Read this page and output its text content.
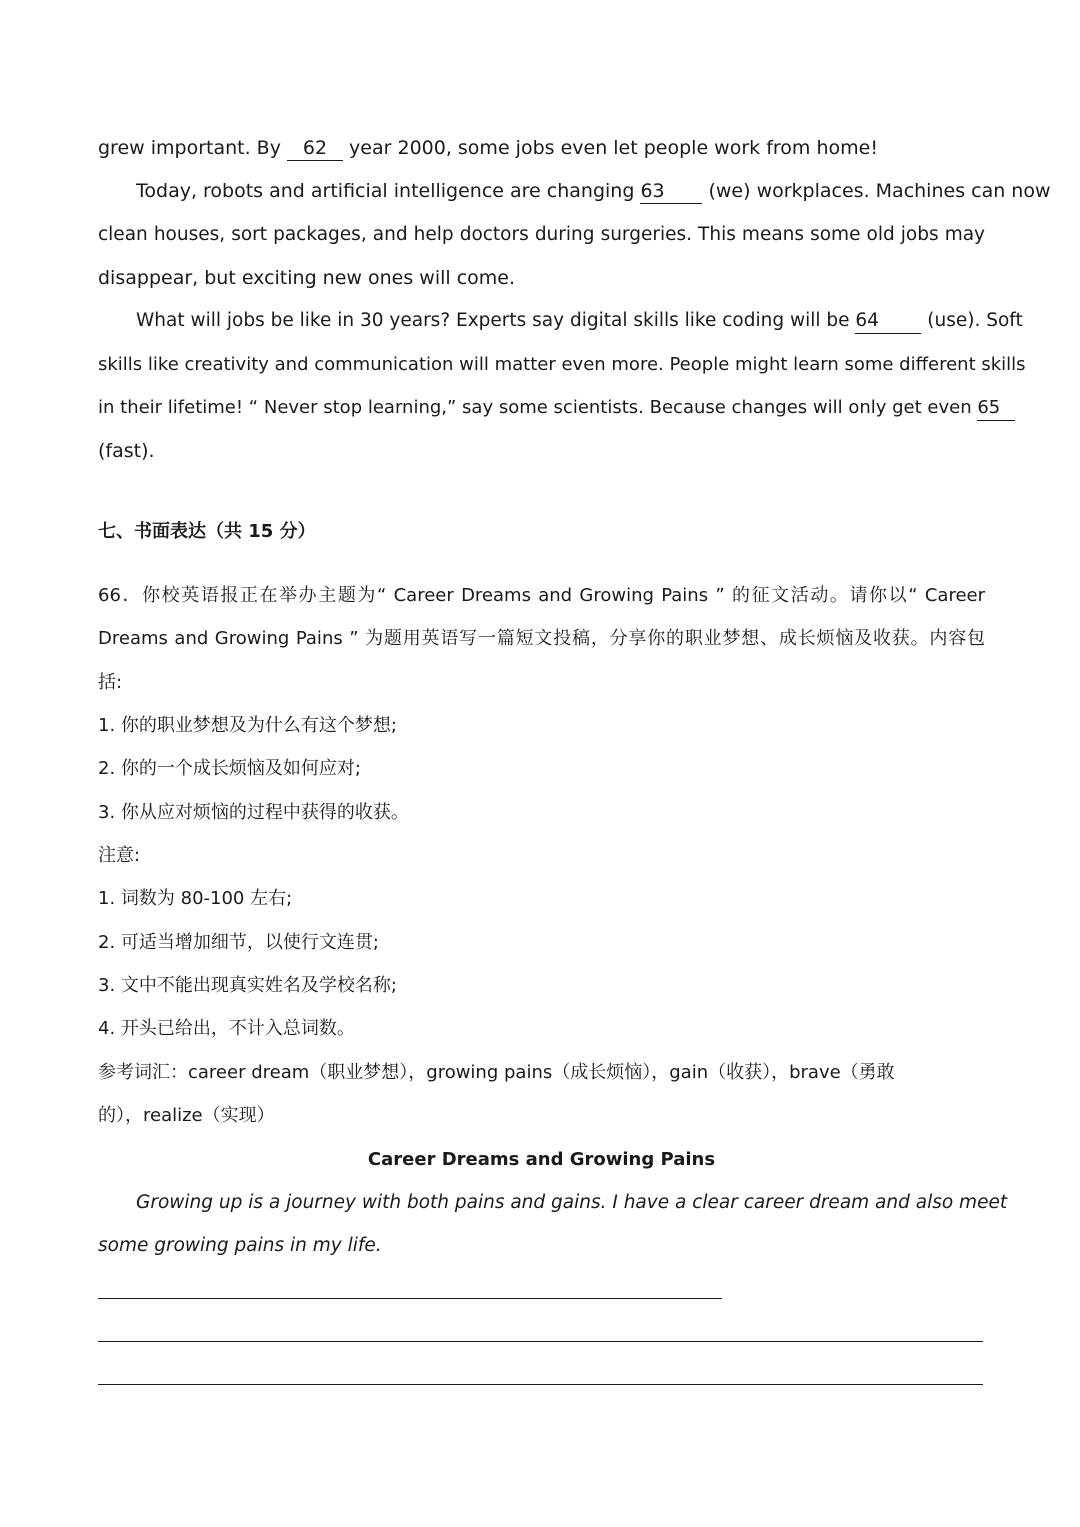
grew important. By 62 year 2000, some jobs even let people work from home!
Today, robots and artificial intelligence are changing 63 (we) workplaces. Machines can now
clean houses, sort packages, and help doctors during surgeries. This means some old jobs may
disappear, but exciting new ones will come.
What will jobs be like in 30 years? Experts say digital skills like coding will be 64	(use). Soft
skills like creativity and communication will matter even more. People might learn some different skills
in their lifetime! “ Never stop learning,” say some scientists. Because changes will only get even 65
(fast).
七、书面表达（共 15 分）
66．你校英语报正在举办主题为“ Career Dreams and Growing Pains ” 的征文活动。请你以“ Career
Dreams and Growing Pains ” 为题用英语写一篇短文投稿，分享你的职业梦想、成长烦恼及收获。内容包
括:
1. 你的职业梦想及为什么有这个梦想;
2. 你的一个成长烦恼及如何应对;
3. 你从应对烦恼的过程中获得的收获。
注意:
1. 词数为 80-100 左右;
2. 可适当增加细节，以使行文连贯;
3. 文中不能出现真实姓名及学校名称;
4. 开头已给出，不计入总词数。
参考词汇：career dream（职业梦想），growing pains（成长烦恼），gain（收获），brave（勇敢
的），realize（实现）
Career Dreams and Growing Pains
Growing up is a journey with both pains and gains. I have a clear career dream and also meet
some growing pains in my life.
